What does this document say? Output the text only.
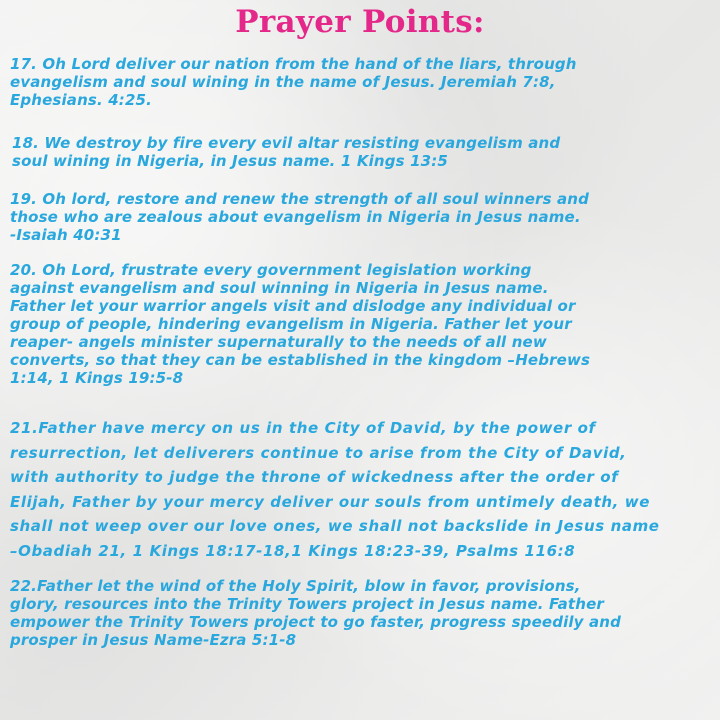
Prayer Points:
17. Oh Lord deliver our nation from the hand of the liars, through
evangelism and soul wining in the name of Jesus. Jeremiah 7:8,
Ephesians. 4:25.
18. We destroy by fire every evil altar resisting evangelism and
soul wining in Nigeria, in Jesus name. 1 Kings 13:5
19. Oh lord, restore and renew the strength of all soul winners and
those who are zealous about evangelism in Nigeria in Jesus name.
-Isaiah 40:31
20. Oh Lord, frustrate every government legislation working
against evangelism and soul winning in Nigeria in Jesus name.
Father let your warrior angels visit and dislodge any individual or
group of people, hindering evangelism in Nigeria. Father let your
reaper- angels minister supernaturally to the needs of all new
converts, so that they can be established in the kingdom –Hebrews
1:14, 1 Kings 19:5-8
21.Father have mercy on us in the City of David, by the power of
resurrection, let deliverers continue to arise from the City of David,
with authority to judge the throne of wickedness after the order of
Elijah, Father by your mercy deliver our souls from untimely death, we
shall not weep over our love ones, we shall not backslide in Jesus name
–Obadiah 21, 1 Kings 18:17-18,1 Kings 18:23-39, Psalms 116:8
22.Father let the wind of the Holy Spirit, blow in favor, provisions,
glory, resources into the Trinity Towers project in Jesus name. Father
empower the Trinity Towers project to go faster, progress speedily and
prosper in Jesus Name-Ezra 5:1-8
